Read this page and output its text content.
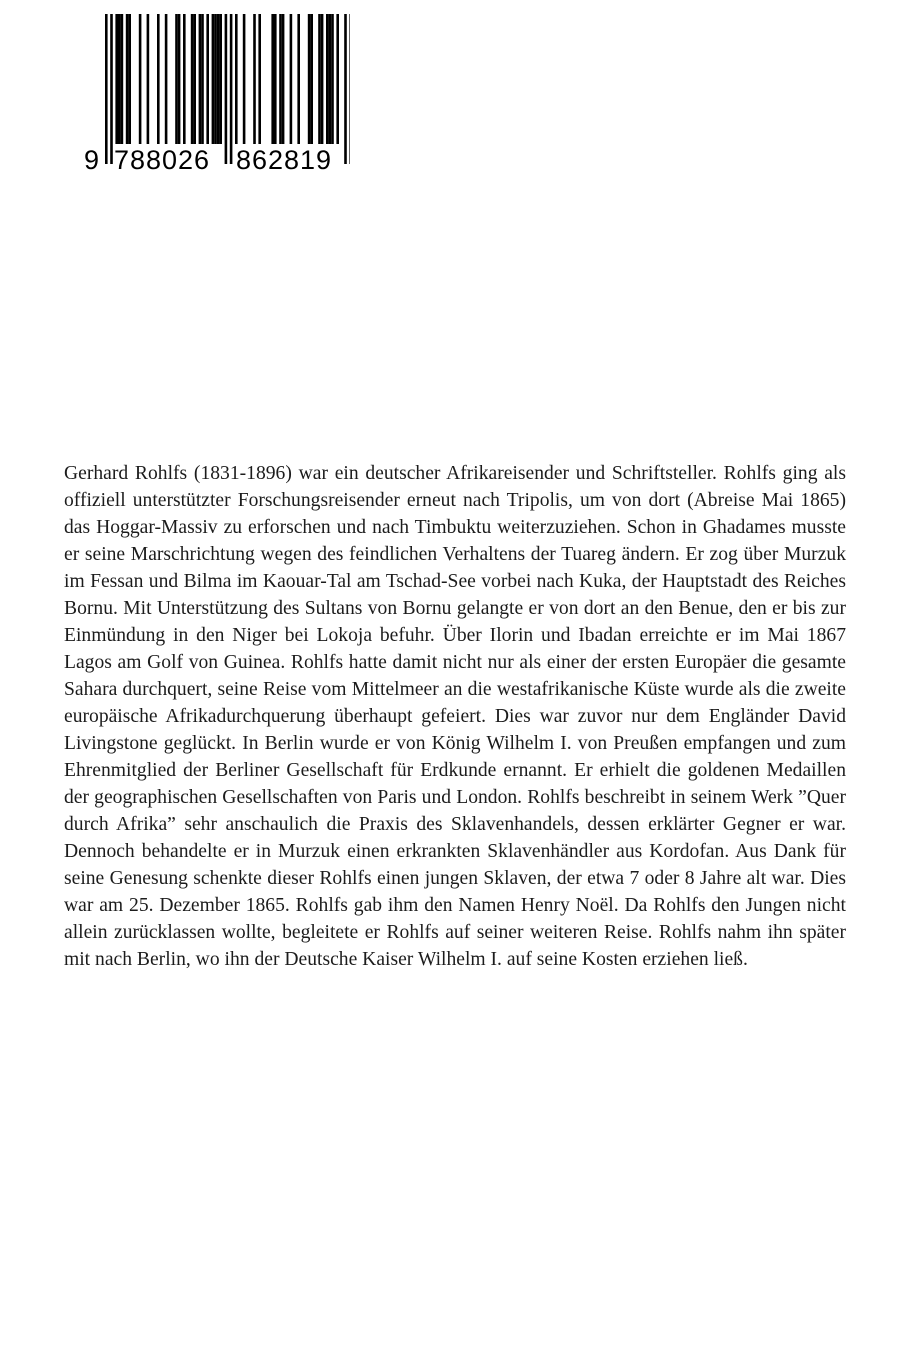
9 788026 862819

Gerhard Rohlfs (1831-1896) war ein deutscher Afrikareisender und Schriftsteller. Rohlfs ging als offiziell unterstützter Forschungsreisender erneut nach Tripolis, um von dort (Abreise Mai 1865) das Hoggar-Massiv zu erforschen und nach Timbuktu weiterzuziehen. Schon in Ghadames musste er seine Marschrichtung wegen des feindlichen Verhaltens der Tuareg ändern. Er zog über Murzuk im Fessan und Bilma im Kaouar-Tal am Tschad-See vorbei nach Kuka, der Hauptstadt des Reiches Bornu. Mit Unterstützung des Sultans von Bornu gelangte er von dort an den Benue, den er bis zur Einmündung in den Niger bei Lokoja befuhr. Über Ilorin und Ibadan erreichte er im Mai 1867 Lagos am Golf von Guinea. Rohlfs hatte damit nicht nur als einer der ersten Europäer die gesamte Sahara durchquert, seine Reise vom Mittelmeer an die westafrikanische Küste wurde als die zweite europäische Afrikadurchquerung überhaupt gefeiert. Dies war zuvor nur dem Engländer David Livingstone geglückt. In Berlin wurde er von König Wilhelm I. von Preußen empfangen und zum Ehrenmitglied der Berliner Gesellschaft für Erdkunde ernannt. Er erhielt die goldenen Medaillen der geographischen Gesellschaften von Paris und London. Rohlfs beschreibt in seinem Werk ”Quer durch Afrika” sehr anschaulich die Praxis des Sklavenhandels, dessen erklärter Gegner er war. Dennoch behandelte er in Murzuk einen erkrankten Sklavenhändler aus Kordofan. Aus Dank für seine Genesung schenkte dieser Rohlfs einen jungen Sklaven, der etwa 7 oder 8 Jahre alt war. Dies war am 25. Dezember 1865. Rohlfs gab ihm den Namen Henry Noël. Da Rohlfs den Jungen nicht allein zurücklassen wollte, begleitete er Rohlfs auf seiner weiteren Reise. Rohlfs nahm ihn später mit nach Berlin, wo ihn der Deutsche Kaiser Wilhelm I. auf seine Kosten erziehen ließ.
